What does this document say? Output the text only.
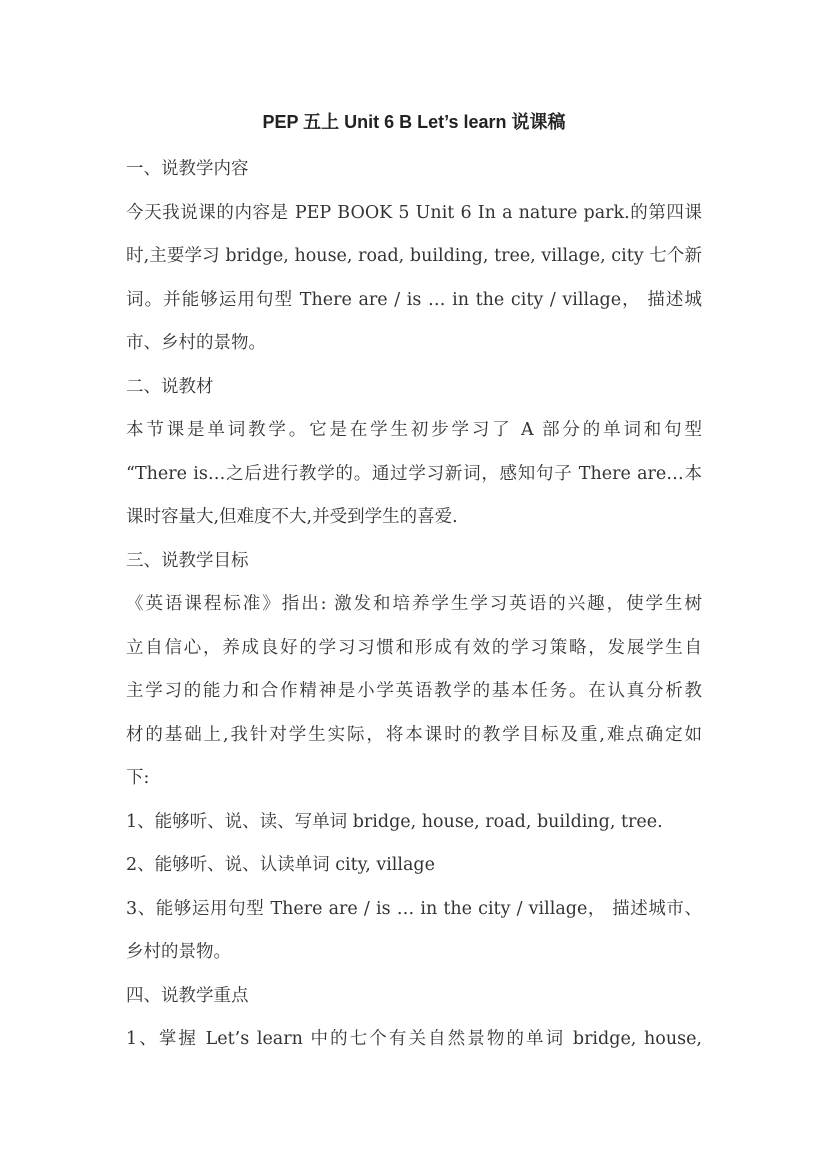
PEP 五上 Unit 6 B Let’s learn 说课稿
一、说教学内容
今天我说课的内容是 PEP BOOK 5 Unit 6 In a nature park.的第四课
时,主要学习 bridge, house, road, building, tree, village, city 七个新
词。并能够运用句型 There are / is … in the city / village， 描述城
市、乡村的景物。
二、说教材
本节课是单词教学。它是在学生初步学习了 A 部分的单词和句型
“There is…之后进行教学的。通过学习新词，感知句子 There are…本
课时容量大,但难度不大,并受到学生的喜爱.
三、说教学目标
《英语课程标准》指出: 激发和培养学生学习英语的兴趣，使学生树
立自信心，养成良好的学习习惯和形成有效的学习策略，发展学生自
主学习的能力和合作精神是小学英语教学的基本任务。在认真分析教
材的基础上,我针对学生实际，将本课时的教学目标及重,难点确定如
下:
1、能够听、说、读、写单词 bridge, house, road, building, tree.
2、能够听、说、认读单词 city, village
3、能够运用句型 There are / is … in the city / village， 描述城市、
乡村的景物。
四、说教学重点
1、掌握 Let’s learn 中的七个有关自然景物的单词 bridge, house,
